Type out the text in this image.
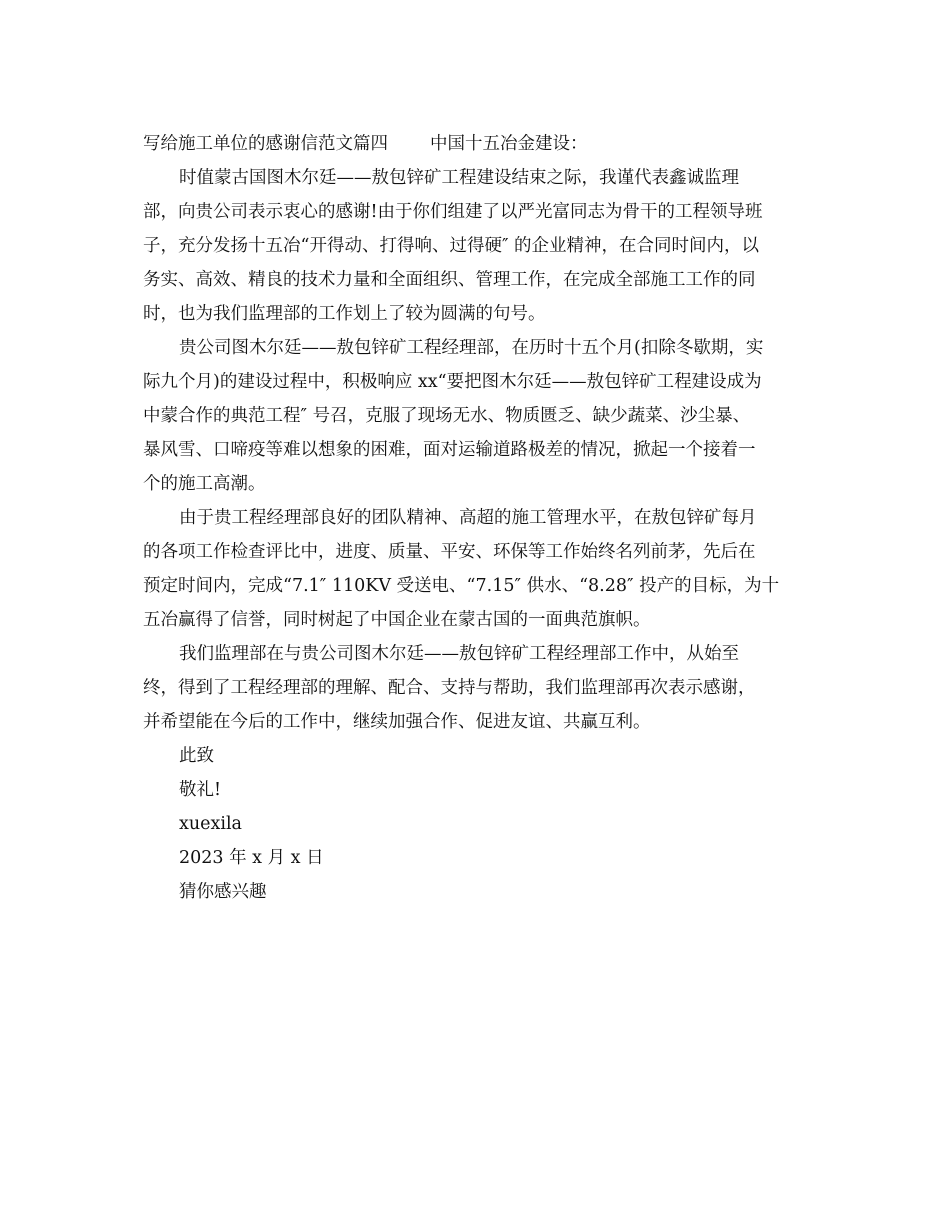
写给施工单位的感谢信范文篇四 中国十五冶金建设：
时值蒙古国图木尔廷——敖包锌矿工程建设结束之际，我谨代表鑫诚监理
部，向贵公司表示衷心的感谢!由于你们组建了以严光富同志为骨干的工程领导班
子，充分发扬十五冶“开得动、打得响、过得硬″ 的企业精神，在合同时间内，以
务实、高效、精良的技术力量和全面组织、管理工作，在完成全部施工工作的同
时，也为我们监理部的工作划上了较为圆满的句号。
贵公司图木尔廷——敖包锌矿工程经理部，在历时十五个月(扣除冬歇期，实
际九个月)的建设过程中，积极响应 xx“要把图木尔廷——敖包锌矿工程建设成为
中蒙合作的典范工程″ 号召，克服了现场无水、物质匮乏、缺少蔬菜、沙尘暴、
暴风雪、口啼疫等难以想象的困难，面对运输道路极差的情况，掀起一个接着一
个的施工高潮。
由于贵工程经理部良好的团队精神、高超的施工管理水平，在敖包锌矿每月
的各项工作检查评比中，进度、质量、平安、环保等工作始终名列前茅，先后在
预定时间内，完成“7.1″ 110KV 受送电、“7.15″ 供水、“8.28″ 投产的目标，为十
五冶赢得了信誉，同时树起了中国企业在蒙古国的一面典范旗帜。
我们监理部在与贵公司图木尔廷——敖包锌矿工程经理部工作中，从始至
终，得到了工程经理部的理解、配合、支持与帮助，我们监理部再次表示感谢，
并希望能在今后的工作中，继续加强合作、促进友谊、共赢互利。
此致
敬礼!
xuexila
2023 年 x 月 x 日
猜你感兴趣
